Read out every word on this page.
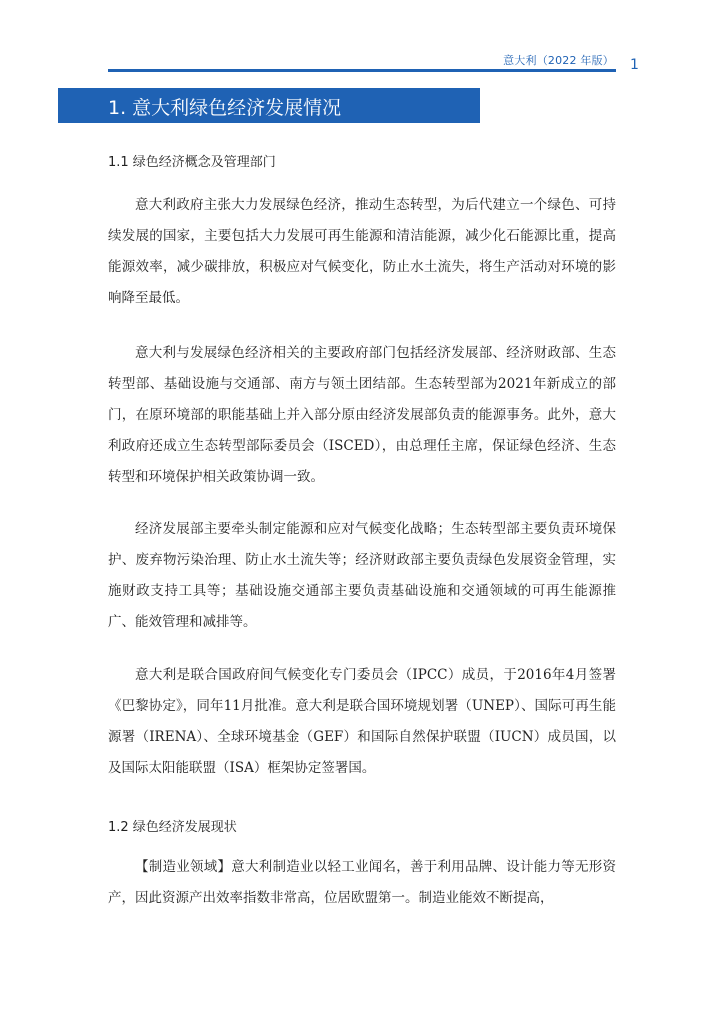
意大利（2022 年版） 1
1. 意大利绿色经济发展情况
1.1 绿色经济概念及管理部门

意大利政府主张大力发展绿色经济，推动生态转型，为后代建立一个绿色、可持续发展的国家，主要包括大力发展可再生能源和清洁能源，减少化石能源比重，提高能源效率，减少碳排放，积极应对气候变化，防止水土流失，将生产活动对环境的影响降至最低。

意大利与发展绿色经济相关的主要政府部门包括经济发展部、经济财政部、生态转型部、基础设施与交通部、南方与领土团结部。生态转型部为2021年新成立的部门，在原环境部的职能基础上并入部分原由经济发展部负责的能源事务。此外，意大利政府还成立生态转型部际委员会（ISCED），由总理任主席，保证绿色经济、生态转型和环境保护相关政策协调一致。

经济发展部主要牵头制定能源和应对气候变化战略；生态转型部主要负责环境保护、废弃物污染治理、防止水土流失等；经济财政部主要负责绿色发展资金管理，实施财政支持工具等；基础设施交通部主要负责基础设施和交通领域的可再生能源推广、能效管理和减排等。

意大利是联合国政府间气候变化专门委员会（IPCC）成员，于2016年4月签署《巴黎协定》，同年11月批准。意大利是联合国环境规划署（UNEP）、国际可再生能源署（IRENA）、全球环境基金（GEF）和国际自然保护联盟（IUCN）成员国，以及国际太阳能联盟（ISA）框架协定签署国。

1.2 绿色经济发展现状

【制造业领域】意大利制造业以轻工业闻名，善于利用品牌、设计能力等无形资产，因此资源产出效率指数非常高，位居欧盟第一。制造业能效不断提高，
